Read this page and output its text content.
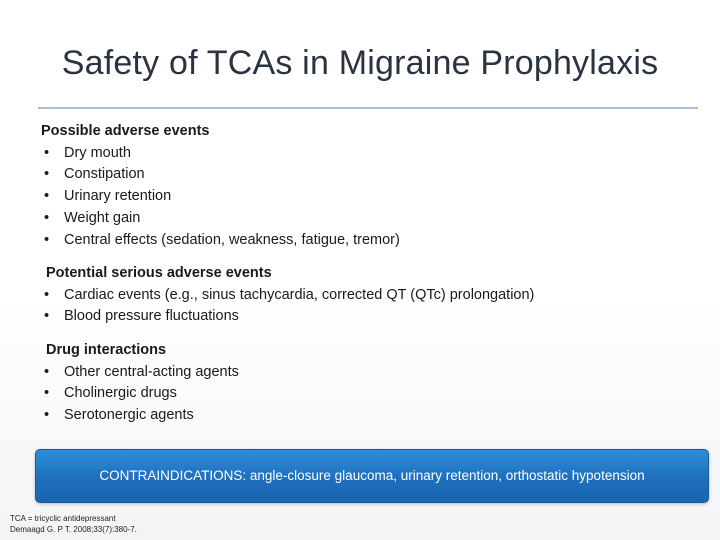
Safety of TCAs in Migraine Prophylaxis
Possible adverse events
• Dry mouth
• Constipation
• Urinary retention
• Weight gain
• Central effects (sedation, weakness, fatigue, tremor)
Potential serious adverse events
• Cardiac events (e.g., sinus tachycardia, corrected QT (QTc) prolongation)
• Blood pressure fluctuations
Drug interactions
• Other central-acting agents
• Cholinergic drugs
• Serotonergic agents
CONTRAINDICATIONS: angle-closure glaucoma, urinary retention, orthostatic hypotension
TCA = tricyclic antidepressant
Demaagd G. P T. 2008;33(7):380-7.
